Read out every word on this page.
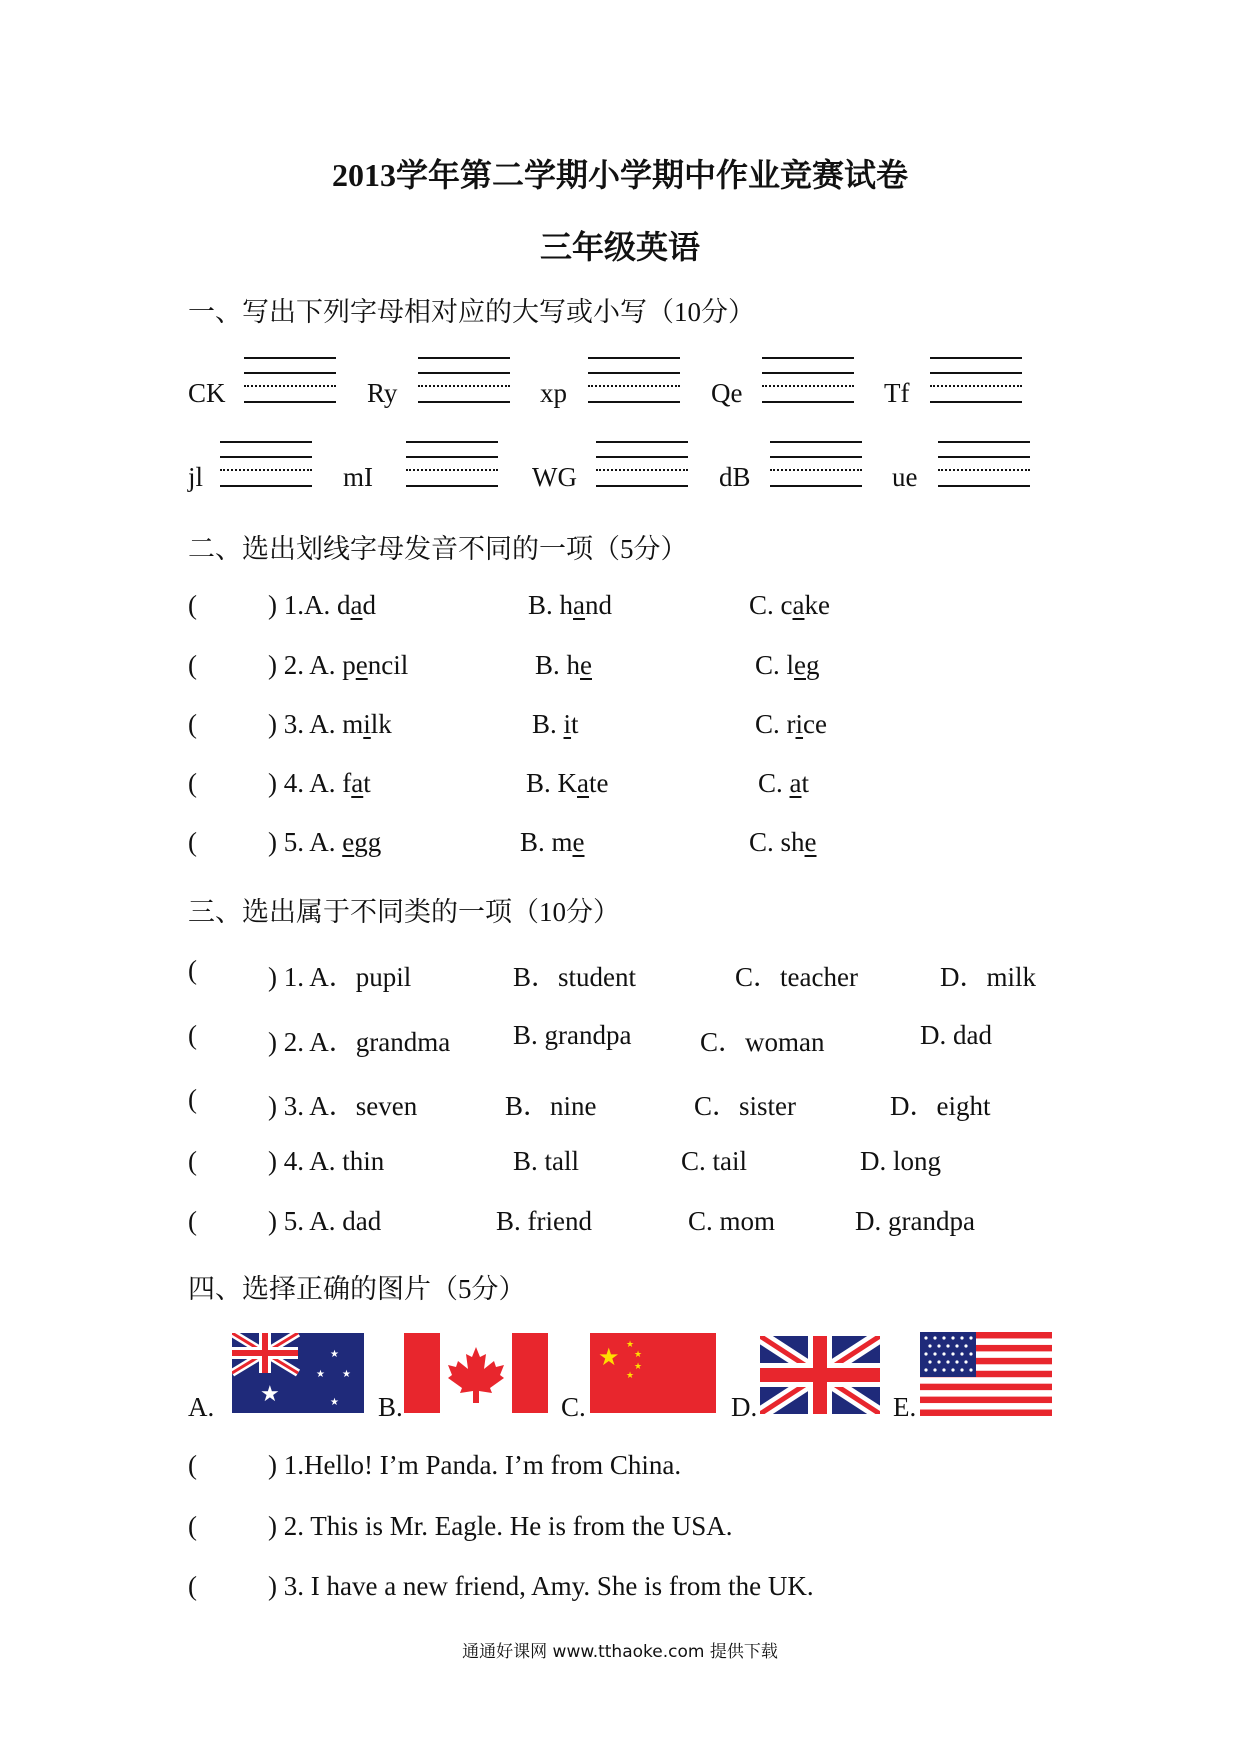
2013学年第二学期小学期中作业竞赛试卷
三年级英语
一、写出下列字母相对应的大写或小写（10分）
CK	Ry	xp	Qe	Tf
jl	mI	WG	dB	ue
二、选出划线字母发音不同的一项（5分）
(	) 1.A. dad	B. hand	C. cake
(	) 2. A. pencil	B. he	C. leg
(	) 3. A. milk	B. it	C. rice
(	) 4. A. fat	B. Kate	C. at
(	) 5. A. egg	B. me	C. she
三、选出属于不同类的一项（10分）
(	) 1. A．pupil	B．student	C．teacher	D．milk
(	) 2. A．grandma B. grandpa	C．woman	D. dad
(	) 3. A．seven	B．nine	C．sister	D．eight
(	) 4. A. thin	B. tall	C. tail	D. long
(	) 5. A. dad	B. friend	C. mom	D. grandpa
四、选择正确的图片（5分）
A. ★
★
★ ★
★ B.	C.
★ ★
★
★
★
D.	E.
(	) 1.Hello! I’m Panda. I’m from China.
(	) 2. This is Mr. Eagle. He is from the USA.
(	) 3. I have a new friend, Amy. She is from the UK.
通通好课网 www.tthaoke.com 提供下载
